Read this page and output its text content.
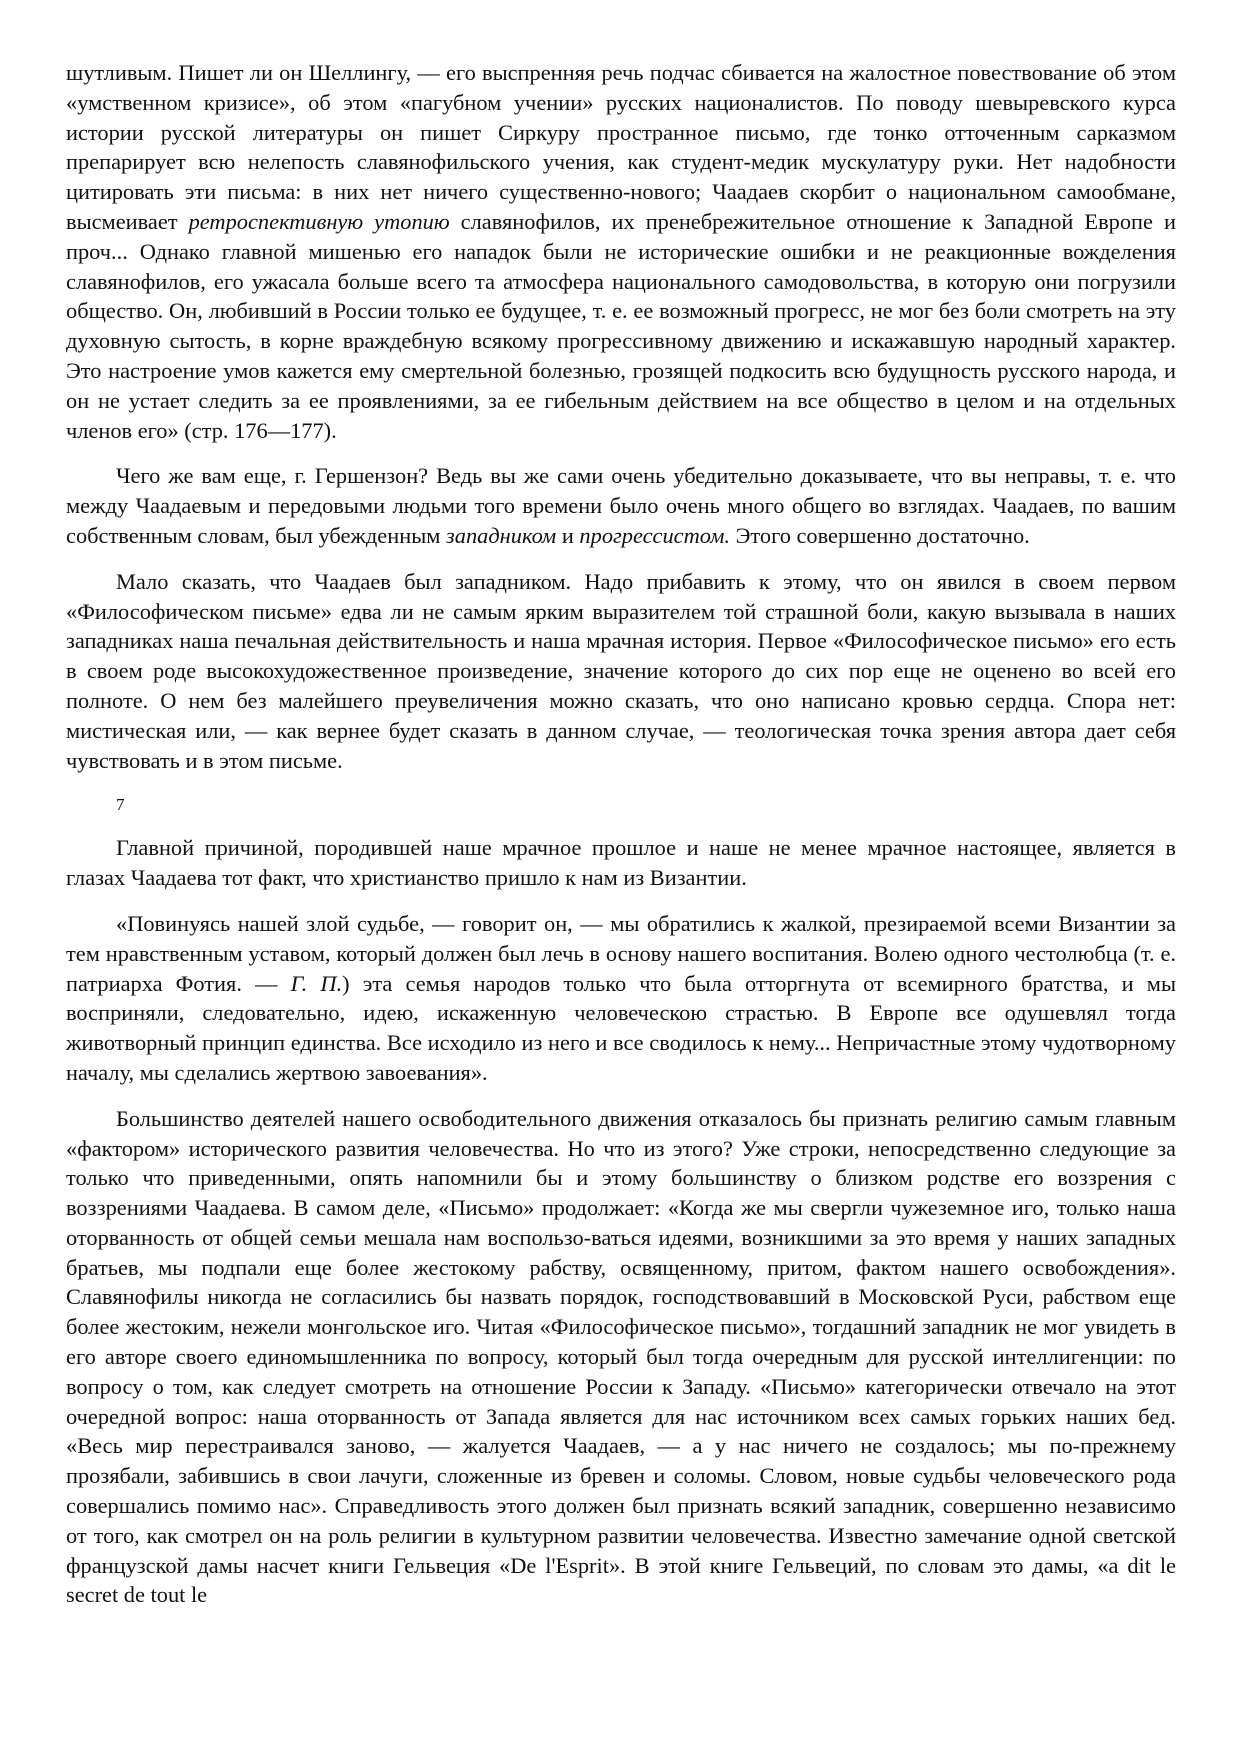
шутливым. Пишет ли он Шеллингу, — его выспренняя речь подчас сбивается на жалостное повествование об этом «умственном кризисе», об этом «пагубном учении» русских националистов. По поводу шевыревского курса истории русской литературы он пишет Сиркуру пространное письмо, где тонко отточенным сарказмом препарирует всю нелепость славянофильского учения, как студент-медик мускулатуру руки. Нет надобности цитировать эти письма: в них нет ничего существенно-нового; Чаадаев скорбит о национальном самообмане, высмеивает ретроспективную утопию славянофилов, их пренебрежительное отношение к Западной Европе и проч... Однако главной мишенью его нападок были не исторические ошибки и не реакционные вожделения славянофилов, его ужасала больше всего та атмосфера национального самодовольства, в которую они погрузили общество. Он, любивший в России только ее будущее, т. е. ее возможный прогресс, не мог без боли смотреть на эту духовную сытость, в корне враждебную всякому прогрессивному движению и искажавшую народный характер. Это настроение умов кажется ему смертельной болезнью, грозящей подкосить всю будущность русского народа, и он не устает следить за ее проявлениями, за ее гибельным действием на все общество в целом и на отдельных членов его» (стр. 176—177).

Чего же вам еще, г. Гершензон? Ведь вы же сами очень убедительно доказываете, что вы неправы, т. е. что между Чаадаевым и передовыми людьми того времени было очень много общего во взглядах. Чаадаев, по вашим собственным словам, был убежденным западником и прогрессистом. Этого совершенно достаточно.

Мало сказать, что Чаадаев был западником. Надо прибавить к этому, что он явился в своем первом «Философическом письме» едва ли не самым ярким выразителем той страшной боли, какую вызывала в наших западниках наша печальная действительность и наша мрачная история. Первое «Философическое письмо» его есть в своем роде высокохудожественное произведение, значение которого до сих пор еще не оценено во всей его полноте. О нем без малейшего преувеличения можно сказать, что оно написано кровью сердца. Спора нет: мистическая или, — как вернее будет сказать в данном случае, — теологическая точка зрения автора дает себя чувствовать и в этом письме.

7

Главной причиной, породившей наше мрачное прошлое и наше не менее мрачное настоящее, является в глазах Чаадаева тот факт, что христианство пришло к нам из Византии.

«Повинуясь нашей злой судьбе, — говорит он, — мы обратились к жалкой, презираемой всеми Византии за тем нравственным уставом, который должен был лечь в основу нашего воспитания. Волею одного честолюбца (т. е. патриарха Фотия. — Г. П.) эта семья народов только что была отторгнута от всемирного братства, и мы восприняли, следовательно, идею, искаженную человеческою страстью. В Европе все одушевлял тогда животворный принцип единства. Все исходило из него и все сводилось к нему... Непричастные этому чудотворному началу, мы сделались жертвою завоевания».

Большинство деятелей нашего освободительного движения отказалось бы признать религию самым главным «фактором» исторического развития человечества. Но что из этого? Уже строки, непосредственно следующие за только что приведенными, опять напомнили бы и этому большинству о близком родстве его воззрения с воззрениями Чаадаева. В самом деле, «Письмо» продолжает: «Когда же мы свергли чужеземное иго, только наша оторванность от общей семьи мешала нам воспользо-ваться идеями, возникшими за это время у наших западных братьев, мы подпали еще более жестокому рабству, освященному, притом, фактом нашего освобождения». Славянофилы никогда не согласились бы назвать порядок, господствовавший в Московской Руси, рабством еще более жестоким, нежели монгольское иго. Читая «Философическое письмо», тогдашний западник не мог увидеть в его авторе своего единомышленника по вопросу, который был тогда очередным для русской интеллигенции: по вопросу о том, как следует смотреть на отношение России к Западу. «Письмо» категорически отвечало на этот очередной вопрос: наша оторванность от Запада является для нас источником всех самых горьких наших бед. «Весь мир перестраивался заново, — жалуется Чаадаев, — а у нас ничего не создалось; мы по-прежнему прозябали, забившись в свои лачуги, сложенные из бревен и соломы. Словом, новые судьбы человеческого рода совершались помимо нас». Справедливость этого должен был признать всякий западник, совершенно независимо от того, как смотрел он на роль религии в культурном развитии человечества. Известно замечание одной светской французской дамы насчет книги Гельвеция «De l'Esprit». В этой книге Гельвеций, по словам это дамы, «a dit le secret de tout le
